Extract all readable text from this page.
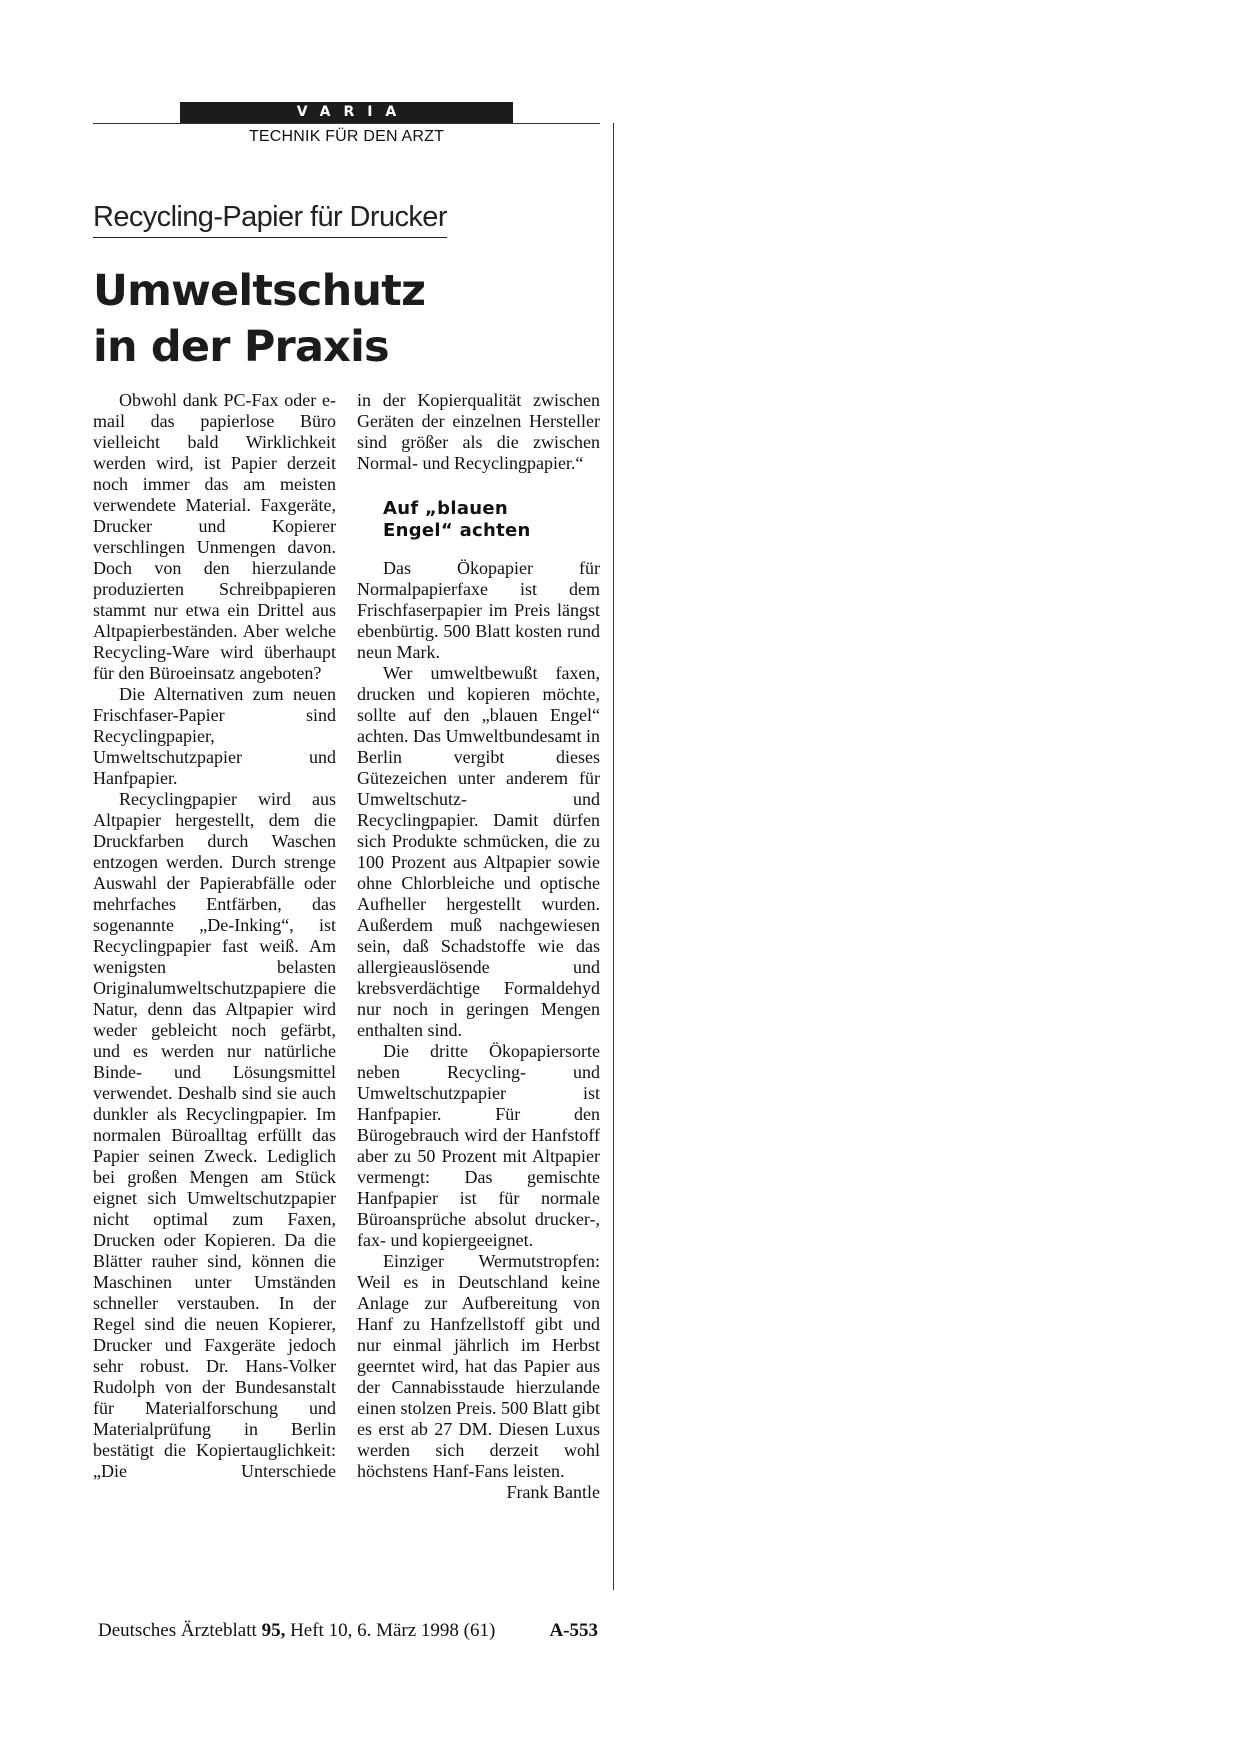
VARIA
TECHNIK FÜR DEN ARZT
Recycling-Papier für Drucker
Umweltschutz
in der Praxis

Obwohl dank PC-Fax oder e-mail das papierlose Büro vielleicht bald Wirklichkeit werden wird, ist Papier derzeit noch immer das am meisten verwendete Material. Faxgeräte, Drucker und Kopierer verschlingen Unmengen davon. Doch von den hierzulande produzierten Schreibpapieren stammt nur etwa ein Drittel aus Altpapierbeständen. Aber welche Recycling-Ware wird überhaupt für den Büroeinsatz angeboten?

Die Alternativen zum neuen Frischfaser-Papier sind Recyclingpapier, Umweltschutzpapier und Hanfpapier.

Recyclingpapier wird aus Altpapier hergestellt, dem die Druckfarben durch Waschen entzogen werden. Durch strenge Auswahl der Papierabfälle oder mehrfaches Entfärben, das sogenannte „De-Inking“, ist Recyclingpapier fast weiß. Am wenigsten belasten Originalumweltschutzpapiere die Natur, denn das Altpapier wird weder gebleicht noch gefärbt, und es werden nur natürliche Binde- und Lösungsmittel verwendet. Deshalb sind sie auch dunkler als Recyclingpapier. Im normalen Büroalltag erfüllt das Papier seinen Zweck. Lediglich bei großen Mengen am Stück eignet sich Umweltschutzpapier nicht optimal zum Faxen, Drucken oder Kopieren. Da die Blätter rauher sind, können die Maschinen unter Umständen schneller verstauben. In der Regel sind die neuen Kopierer, Drucker und Faxgeräte jedoch sehr robust. Dr. Hans-Volker Rudolph von der Bundesanstalt für Materialforschung und Materialprüfung in Berlin bestätigt die Kopiertauglichkeit: „Die Unterschiede

in der Kopierqualität zwischen Geräten der einzelnen Hersteller sind größer als die zwischen Normal- und Recyclingpapier.“

Auf „blauen
Engel“ achten

Das Ökopapier für Normalpapierfaxe ist dem Frischfaserpapier im Preis längst ebenbürtig. 500 Blatt kosten rund neun Mark.

Wer umweltbewußt faxen, drucken und kopieren möchte, sollte auf den „blauen Engel“ achten. Das Umweltbundesamt in Berlin vergibt dieses Gütezeichen unter anderem für Umweltschutz- und Recyclingpapier. Damit dürfen sich Produkte schmücken, die zu 100 Prozent aus Altpapier sowie ohne Chlorbleiche und optische Aufheller hergestellt wurden. Außerdem muß nachgewiesen sein, daß Schadstoffe wie das allergieauslösende und krebsverdächtige Formaldehyd nur noch in geringen Mengen enthalten sind.

Die dritte Ökopapiersorte neben Recycling- und Umweltschutzpapier ist Hanfpapier. Für den Bürogebrauch wird der Hanfstoff aber zu 50 Prozent mit Altpapier vermengt: Das gemischte Hanfpapier ist für normale Büroansprüche absolut drucker-, fax- und kopiergeeignet.

Einziger Wermutstropfen: Weil es in Deutschland keine Anlage zur Aufbereitung von Hanf zu Hanfzellstoff gibt und nur einmal jährlich im Herbst geerntet wird, hat das Papier aus der Cannabisstaude hierzulande einen stolzen Preis. 500 Blatt gibt es erst ab 27 DM. Diesen Luxus werden sich derzeit wohl höchstens Hanf-Fans leisten.
Frank Bantle

Deutsches Ärzteblatt 95, Heft 10, 6. März 1998 (61)	A-553
